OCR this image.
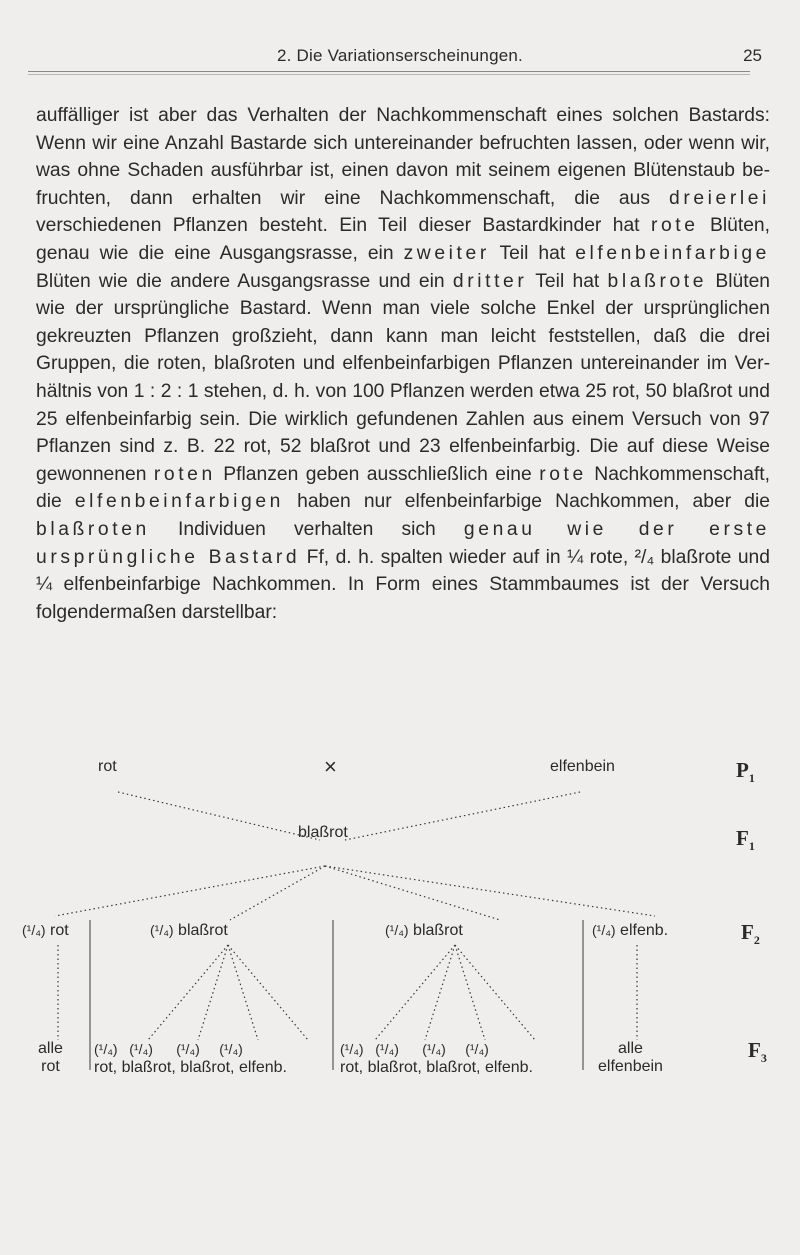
2. Die Variationserscheinungen.	25

auffälliger ist aber das Verhalten der Nachkommenschaft eines solchen Bastards: Wenn wir eine Anzahl Bastarde sich untereinander befruchten lassen, oder wenn wir, was ohne Schaden ausführbar ist, einen davon mit seinem eigenen Blütenstaub befruchten, dann erhalten wir eine Nachkommenschaft, die aus dreierlei verschiedenen Pflanzen besteht. Ein Teil dieser Bastardkinder hat rote Blüten, genau wie die eine Ausgangsrasse, ein zweiter Teil hat elfenbeinfarbige Blüten wie die andere Ausgangsrasse und ein dritter Teil hat blaßrote Blüten wie der ursprüngliche Bastard. Wenn man viele solche Enkel der ursprünglichen gekreuzten Pflanzen großzieht, dann kann man leicht feststellen, daß die drei Gruppen, die roten, blaßroten und elfenbeinfarbigen Pflanzen untereinander im Verhältnis von 1 : 2 : 1 stehen, d. h. von 100 Pflanzen werden etwa 25 rot, 50 blaßrot und 25 elfenbeinfarbig sein. Die wirklich gefundenen Zahlen aus einem Versuch von 97 Pflanzen sind z. B. 22 rot, 52 blaßrot und 23 elfenbeinfarbig. Die auf diese Weise gewonnenen roten Pflanzen geben ausschließlich eine rote Nachkommenschaft, die elfenbeinfarbigen haben nur elfenbeinfarbige Nachkommen, aber die blaßroten Individuen verhalten sich genau wie der erste ursprüngliche Bastard Ff, d. h. spalten wieder auf in ¼ rote, ²/₄ blaßrote und ¼ elfenbeinfarbige Nachkommen. In Form eines Stammbaumes ist der Versuch folgendermaßen darstellbar:

rot	×	elfenbein	$P_1$
blaßrot	$F_1$
(¹/₄) rot	(¹/₄) blaßrot	(¹/₄) blaßrot	(¹/₄) elfenb.	$F_2$
alle
rot
(¹/₄)   (¹/₄)      (¹/₄)     (¹/₄)
rot, blaßrot, blaßrot, elfenb.
(¹/₄)   (¹/₄)      (¹/₄)     (¹/₄)
rot, blaßrot, blaßrot, elfenb.
alle
elfenbein
$F_3$
